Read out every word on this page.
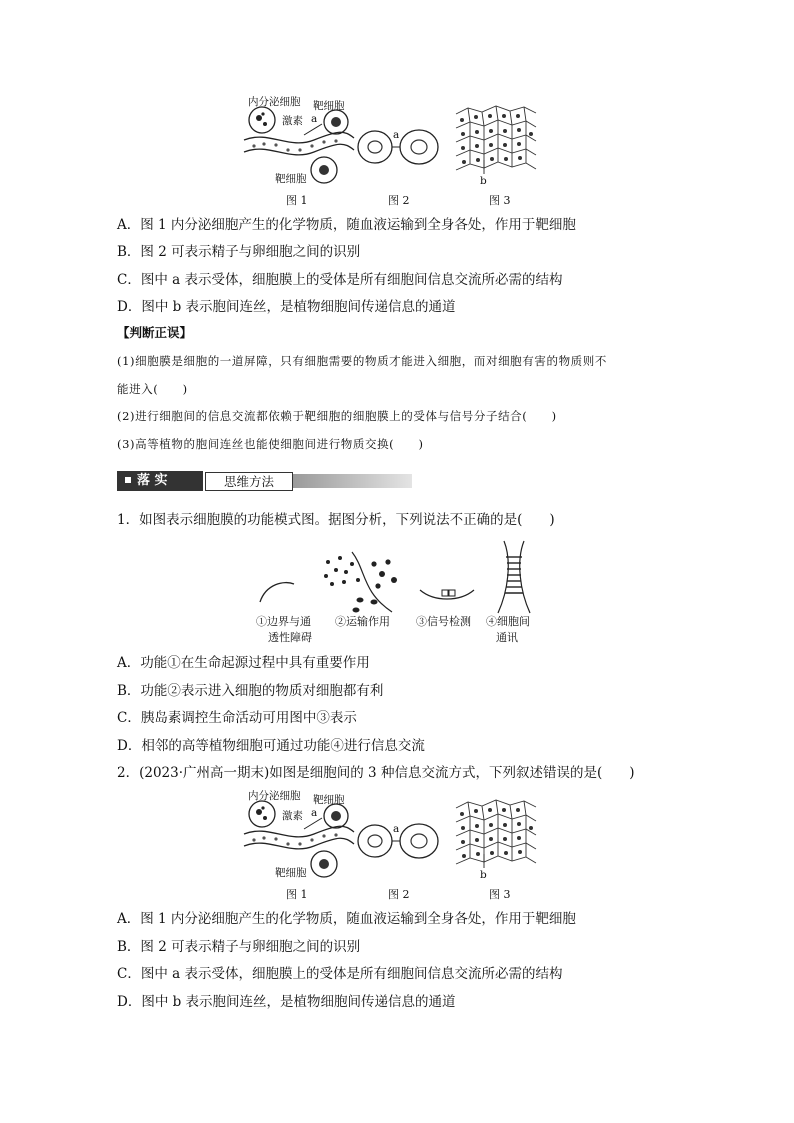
内分泌细胞 靶细胞
激素 a
靶细胞
a
b
图 1	图 2	图 3
A．图 1 内分泌细胞产生的化学物质，随血液运输到全身各处，作用于靶细胞
B．图 2 可表示精子与卵细胞之间的识别
C．图中 a 表示受体，细胞膜上的受体是所有细胞间信息交流所必需的结构
D．图中 b 表示胞间连丝，是植物细胞间传递信息的通道
【判断正误】
(1)细胞膜是细胞的一道屏障，只有细胞需要的物质才能进入细胞，而对细胞有害的物质则不
能进入(　　)
(2)进行细胞间的信息交流都依赖于靶细胞的细胞膜上的受体与信号分子结合(　　)
(3)高等植物的胞间连丝也能使细胞间进行物质交换(　　)
落 实	思维方法
1．如图表示细胞膜的功能模式图。据图分析，下列说法不正确的是(　　)
①边界与通
透性障碍
②运输作用 ③信号检测 ④细胞间
通讯
A．功能①在生命起源过程中具有重要作用
B．功能②表示进入细胞的物质对细胞都有利
C．胰岛素调控生命活动可用图中③表示
D．相邻的高等植物细胞可通过功能④进行信息交流
2．(2023·广州高一期末)如图是细胞间的 3 种信息交流方式，下列叙述错误的是(　　)
内分泌细胞 靶细胞
激素 a
靶细胞
a
b
图 1	图 2	图 3
A．图 1 内分泌细胞产生的化学物质，随血液运输到全身各处，作用于靶细胞
B．图 2 可表示精子与卵细胞之间的识别
C．图中 a 表示受体，细胞膜上的受体是所有细胞间信息交流所必需的结构
D．图中 b 表示胞间连丝，是植物细胞间传递信息的通道
